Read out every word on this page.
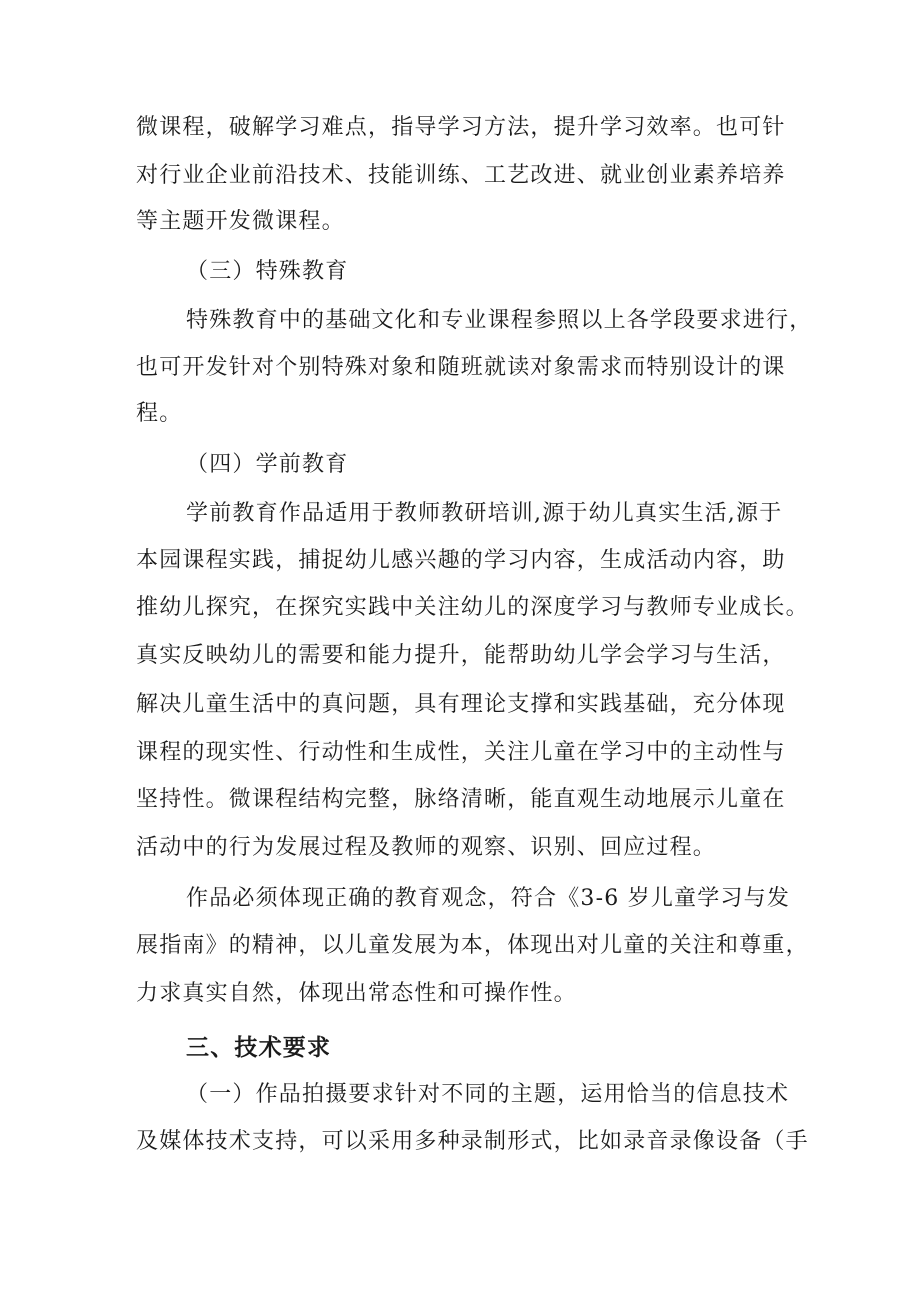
微课程，破解学习难点，指导学习方法，提升学习效率。也可针
对行业企业前沿技术、技能训练、工艺改进、就业创业素养培养
等主题开发微课程。
（三）特殊教育
特殊教育中的基础文化和专业课程参照以上各学段要求进行，
也可开发针对个别特殊对象和随班就读对象需求而特别设计的课
程。
（四）学前教育
学前教育作品适用于教师教研培训,源于幼儿真实生活,源于
本园课程实践，捕捉幼儿感兴趣的学习内容，生成活动内容，助
推幼儿探究，在探究实践中关注幼儿的深度学习与教师专业成长。
真实反映幼儿的需要和能力提升，能帮助幼儿学会学习与生活，
解决儿童生活中的真问题，具有理论支撑和实践基础，充分体现
课程的现实性、行动性和生成性，关注儿童在学习中的主动性与
坚持性。微课程结构完整，脉络清晰，能直观生动地展示儿童在
活动中的行为发展过程及教师的观察、识别、回应过程。
作品必须体现正确的教育观念，符合《3-6 岁儿童学习与发
展指南》的精神，以儿童发展为本，体现出对儿童的关注和尊重，
力求真实自然，体现出常态性和可操作性。
三、技术要求
（一）作品拍摄要求针对不同的主题，运用恰当的信息技术
及媒体技术支持，可以采用多种录制形式，比如录音录像设备（手
